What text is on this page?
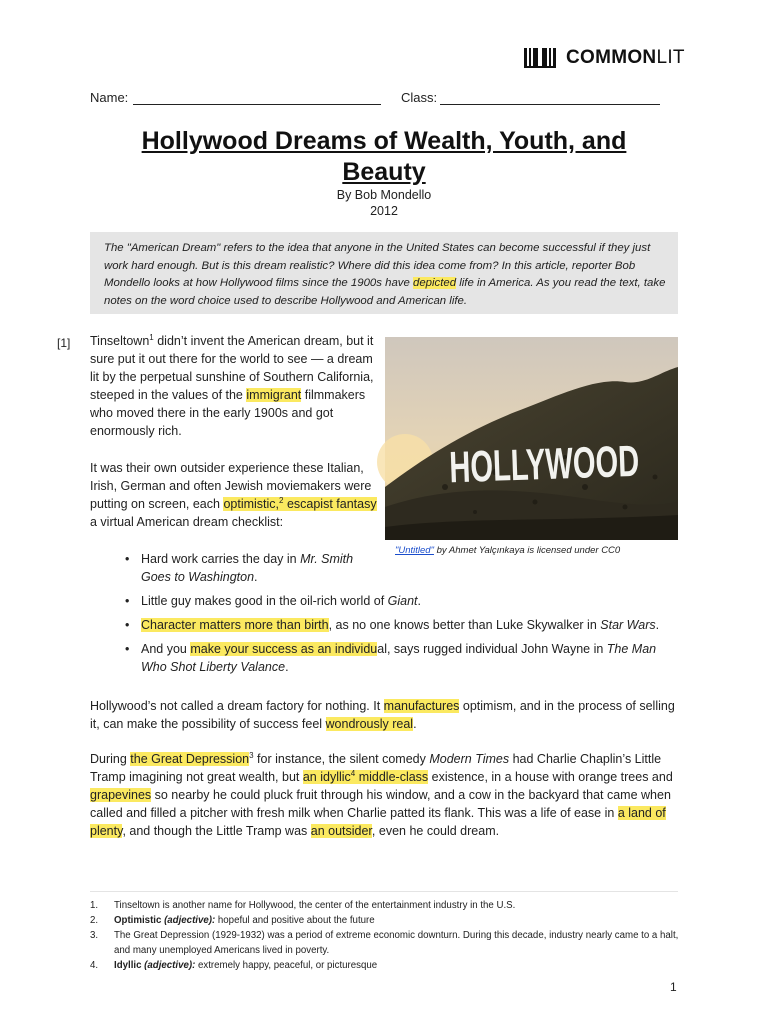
COMMONLIT
Name:	Class:
Hollywood Dreams of Wealth, Youth, and Beauty
By Bob Mondello
2012
The "American Dream" refers to the idea that anyone in the United States can become successful if they just work hard enough. But is this dream realistic? Where did this idea come from? In this article, reporter Bob Mondello looks at how Hollywood films since the 1900s have depicted life in America. As you read the text, take notes on the word choice used to describe Hollywood and American life.
[1] Tinseltown$^1$ didn’t invent the American dream, but it sure put it out there for the world to see — a dream lit by the perpetual sunshine of Southern California, steeped in the values of the immigrant filmmakers who moved there in the early 1900s and got enormously rich.
It was their own outsider experience these Italian, Irish, German and often Jewish moviemakers were putting on screen, each optimistic,$^2$ escapist fantasy a virtual American dream checklist:
HOLLYWOOD
"Untitled" by Ahmet Yalçınkaya is licensed under CC0
• Hard work carries the day in Mr. Smith Goes to Washington.
• Little guy makes good in the oil-rich world of Giant.
• Character matters more than birth, as no one knows better than Luke Skywalker in Star Wars.
• And you make your success as an individual, says rugged individual John Wayne in The Man Who Shot Liberty Valance.
Hollywood’s not called a dream factory for nothing. It manufactures optimism, and in the process of selling it, can make the possibility of success feel wondrously real.
During the Great Depression$^3$ for instance, the silent comedy Modern Times had Charlie Chaplin’s Little Tramp imagining not great wealth, but an idyllic$^4$ middle-class existence, in a house with orange trees and grapevines so nearby he could pluck fruit through his window, and a cow in the backyard that came when called and filled a pitcher with fresh milk when Charlie patted its flank. This was a life of ease in a land of plenty, and though the Little Tramp was an outsider, even he could dream.
1. Tinseltown is another name for Hollywood, the center of the entertainment industry in the U.S.
2. Optimistic (adjective): hopeful and positive about the future
3. The Great Depression (1929-1932) was a period of extreme economic downturn. During this decade, industry nearly came to a halt, and many unemployed Americans lived in poverty.
4. Idyllic (adjective): extremely happy, peaceful, or picturesque
1
